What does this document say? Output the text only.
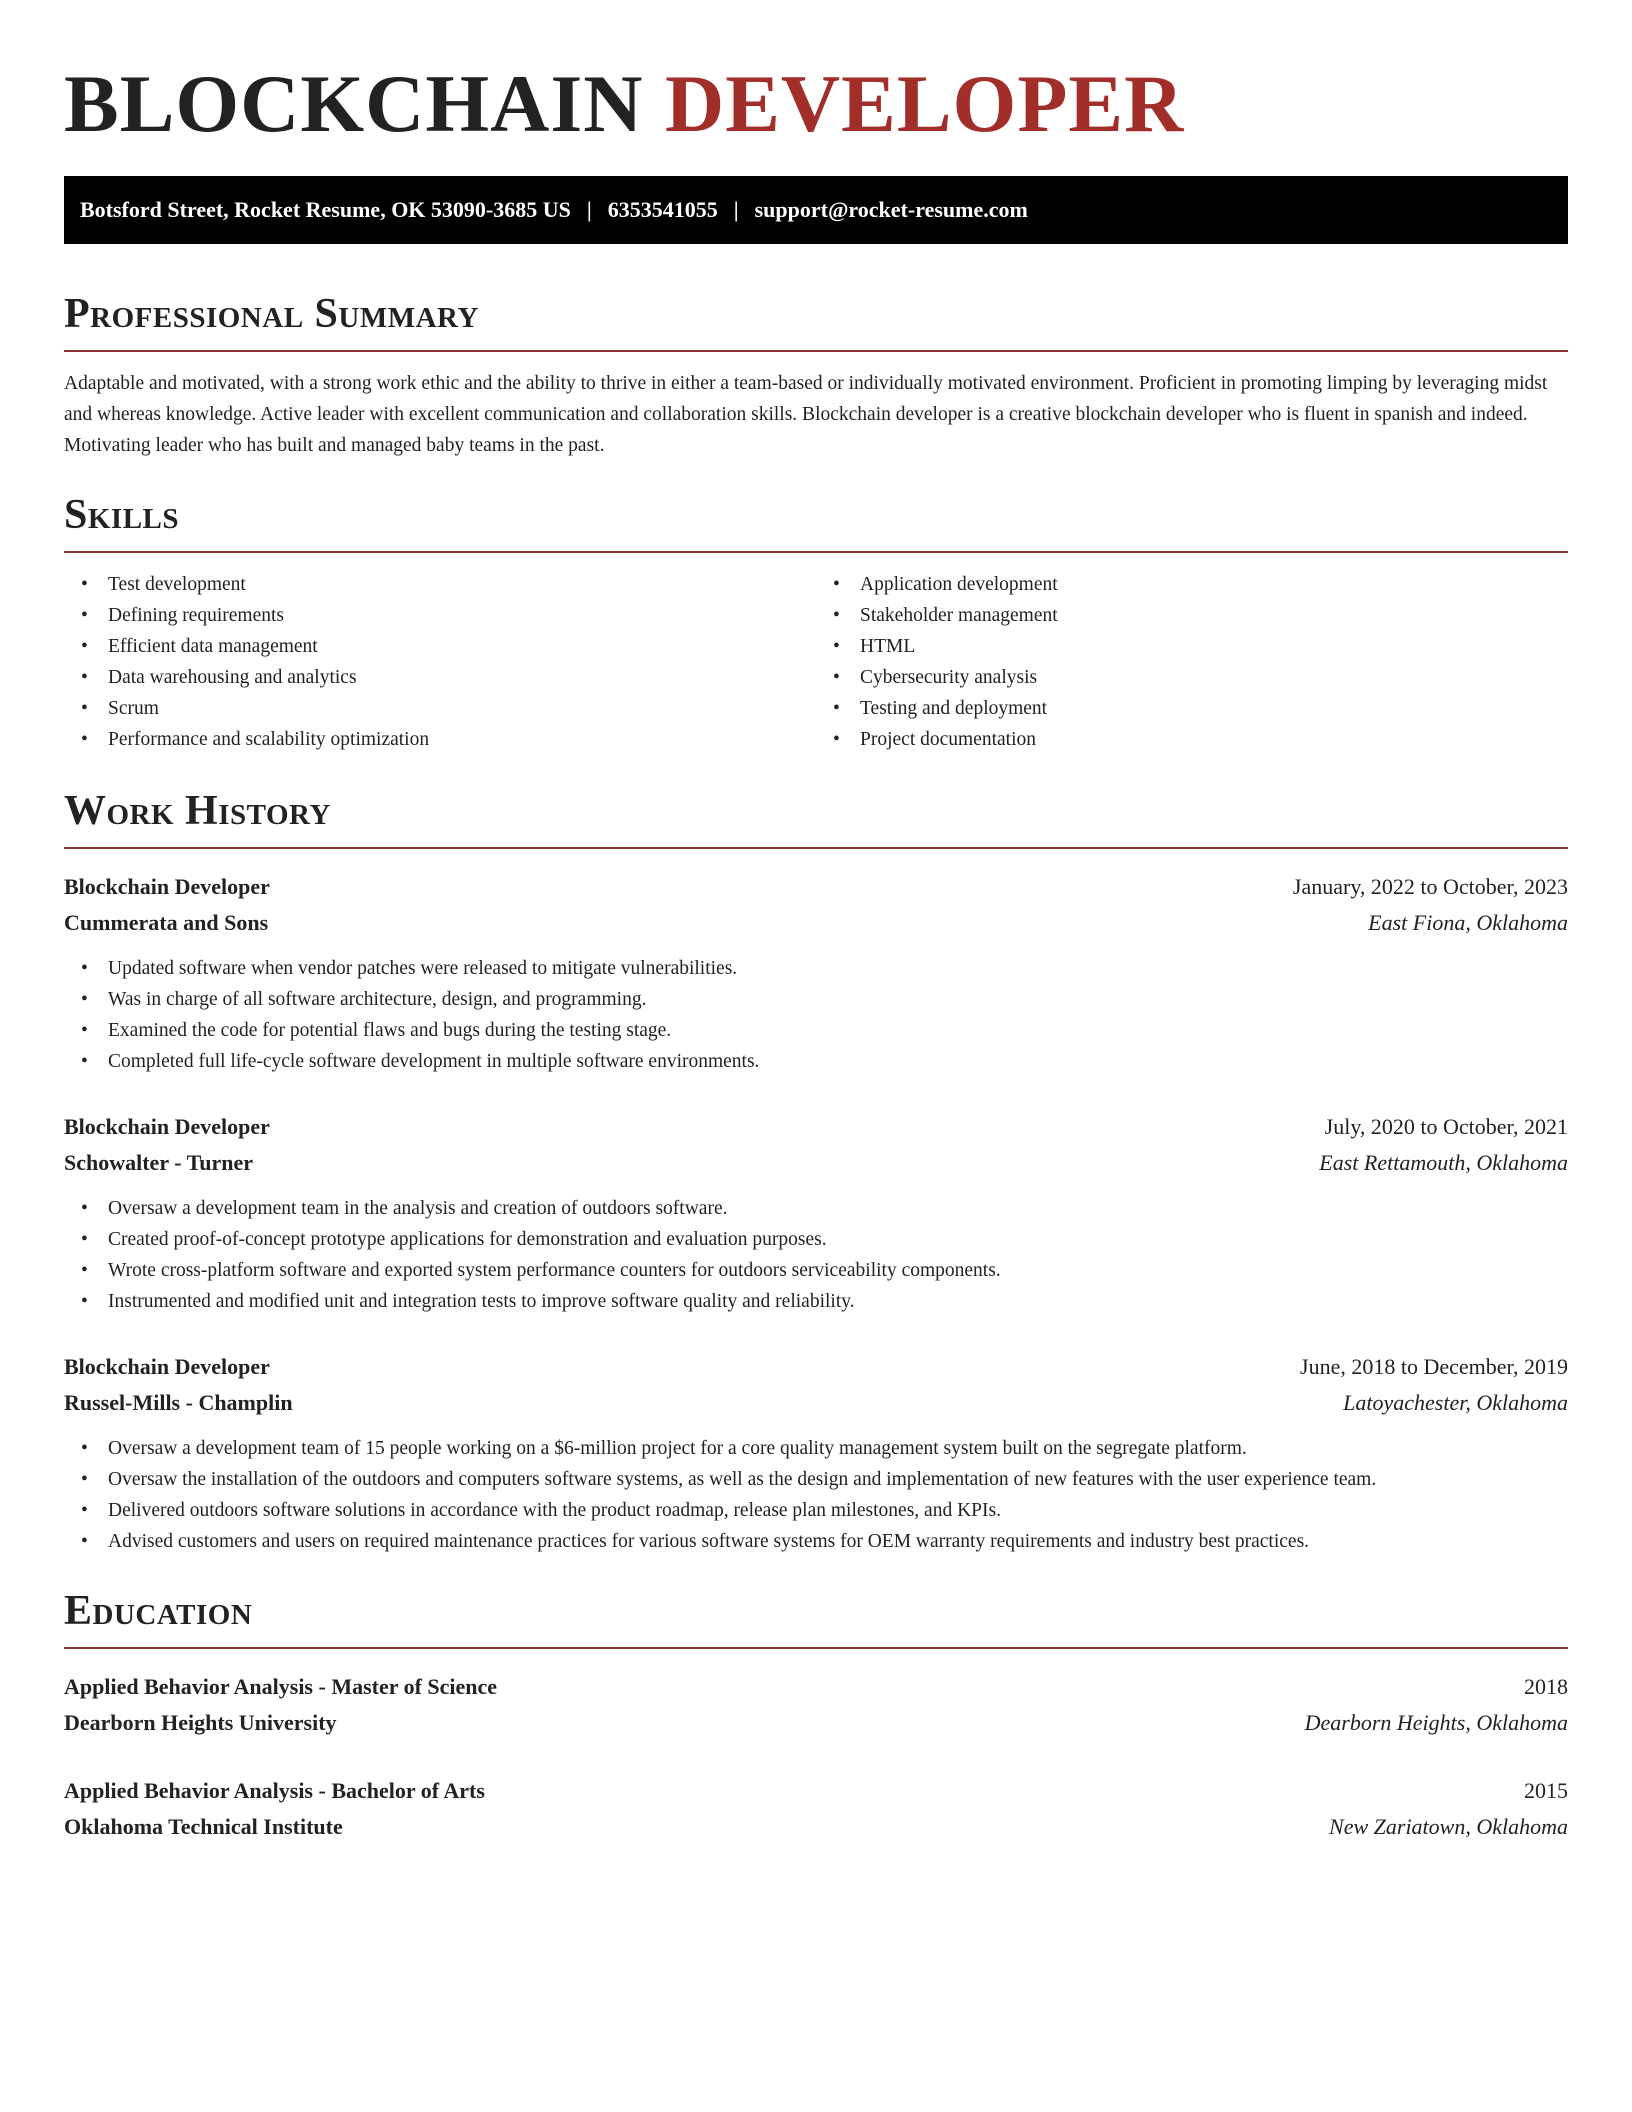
BLOCKCHAIN DEVELOPER
Botsford Street, Rocket Resume, OK 53090-3685 US | 6353541055 | support@rocket-resume.com
Professional Summary

Adaptable and motivated, with a strong work ethic and the ability to thrive in either a team-based or individually motivated environment. Proficient in promoting limping by leveraging midst and whereas knowledge. Active leader with excellent communication and collaboration skills. Blockchain developer is a creative blockchain developer who is fluent in spanish and indeed. Motivating leader who has built and managed baby teams in the past.

Skills
• Test development
• Defining requirements
• Efficient data management
• Data warehousing and analytics
• Scrum
• Performance and scalability optimization
• Application development
• Stakeholder management
• HTML
• Cybersecurity analysis
• Testing and deployment
• Project documentation
Work History
Blockchain Developer	January, 2022 to October, 2023
Cummerata and Sons	East Fiona, Oklahoma
• Updated software when vendor patches were released to mitigate vulnerabilities.
• Was in charge of all software architecture, design, and programming.
• Examined the code for potential flaws and bugs during the testing stage.
• Completed full life-cycle software development in multiple software environments.
Blockchain Developer	July, 2020 to October, 2021
Schowalter - Turner	East Rettamouth, Oklahoma
• Oversaw a development team in the analysis and creation of outdoors software.
• Created proof-of-concept prototype applications for demonstration and evaluation purposes.
• Wrote cross-platform software and exported system performance counters for outdoors serviceability components.
• Instrumented and modified unit and integration tests to improve software quality and reliability.
Blockchain Developer	June, 2018 to December, 2019
Russel-Mills - Champlin	Latoyachester, Oklahoma
• Oversaw a development team of 15 people working on a $6-million project for a core quality management system built on the segregate platform.
• Oversaw the installation of the outdoors and computers software systems, as well as the design and implementation of new features with the user experience team.
• Delivered outdoors software solutions in accordance with the product roadmap, release plan milestones, and KPIs.
• Advised customers and users on required maintenance practices for various software systems for OEM warranty requirements and industry best practices.
Education
Applied Behavior Analysis - Master of Science	2018
Dearborn Heights University	Dearborn Heights, Oklahoma
Applied Behavior Analysis - Bachelor of Arts	2015
Oklahoma Technical Institute	New Zariatown, Oklahoma
